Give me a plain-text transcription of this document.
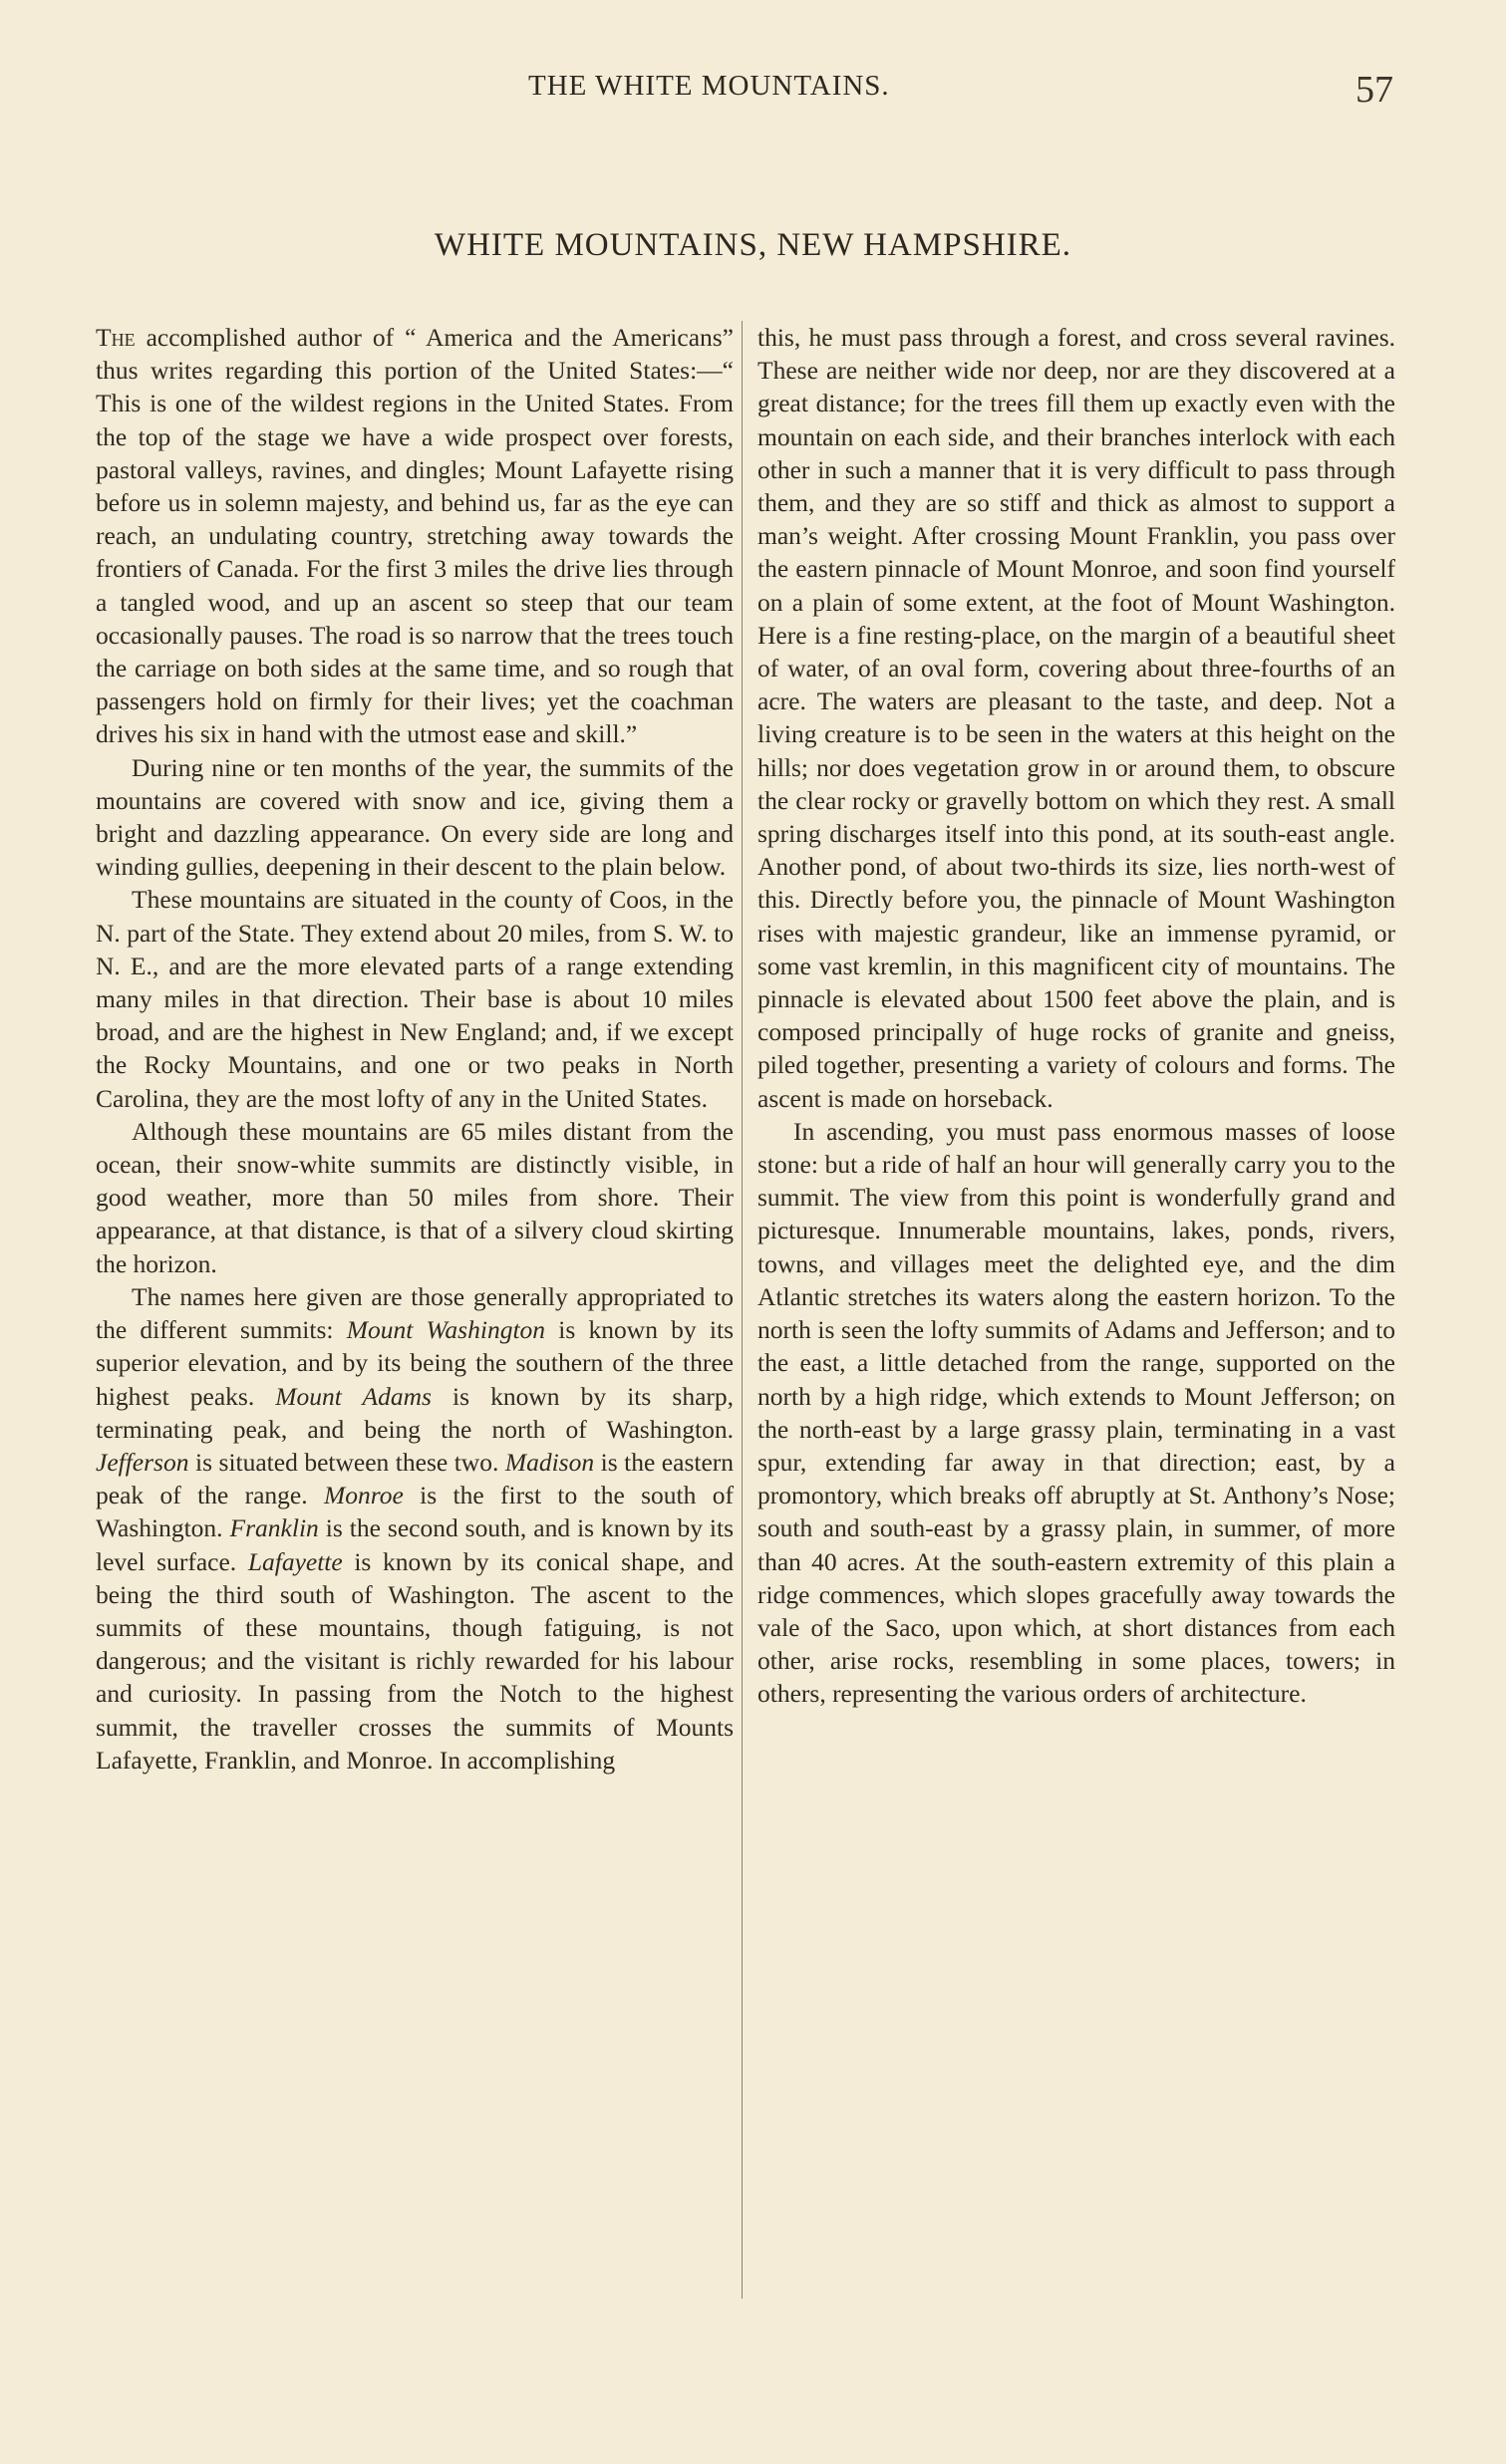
THE WHITE MOUNTAINS.	57
WHITE MOUNTAINS, NEW HAMPSHIRE.

The accomplished author of “ America and the Americans” thus writes regarding this portion of the United States:—“ This is one of the wildest regions in the United States. From the top of the stage we have a wide prospect over forests, pastoral valleys, ravines, and dingles; Mount Lafayette rising before us in solemn majesty, and behind us, far as the eye can reach, an undulating country, stretching away towards the frontiers of Canada. For the first 3 miles the drive lies through a tangled wood, and up an ascent so steep that our team occasionally pauses. The road is so narrow that the trees touch the carriage on both sides at the same time, and so rough that passengers hold on firmly for their lives; yet the coachman drives his six in hand with the utmost ease and skill.”

During nine or ten months of the year, the summits of the mountains are covered with snow and ice, giving them a bright and dazzling appearance. On every side are long and winding gullies, deepening in their descent to the plain below.

These mountains are situated in the county of Coos, in the N. part of the State. They extend about 20 miles, from S. W. to N. E., and are the more elevated parts of a range extending many miles in that direction. Their base is about 10 miles broad, and are the highest in New England; and, if we except the Rocky Mountains, and one or two peaks in North Carolina, they are the most lofty of any in the United States.

Although these mountains are 65 miles distant from the ocean, their snow-white summits are distinctly visible, in good weather, more than 50 miles from shore. Their appearance, at that distance, is that of a silvery cloud skirting the horizon.

The names here given are those generally appropriated to the different summits: Mount Washington is known by its superior elevation, and by its being the southern of the three highest peaks. Mount Adams is known by its sharp, terminating peak, and being the north of Washington. Jefferson is situated between these two. Madison is the eastern peak of the range. Monroe is the first to the south of Washington. Franklin is the second south, and is known by its level surface. Lafayette is known by its conical shape, and being the third south of Washington. The ascent to the summits of these mountains, though fatiguing, is not dangerous; and the visitant is richly rewarded for his labour and curiosity. In passing from the Notch to the highest summit, the traveller crosses the summits of Mounts Lafayette, Franklin, and Monroe. In accomplishing

this, he must pass through a forest, and cross several ravines. These are neither wide nor deep, nor are they discovered at a great distance; for the trees fill them up exactly even with the mountain on each side, and their branches interlock with each other in such a manner that it is very difficult to pass through them, and they are so stiff and thick as almost to support a man’s weight. After crossing Mount Franklin, you pass over the eastern pinnacle of Mount Monroe, and soon find yourself on a plain of some extent, at the foot of Mount Washington. Here is a fine resting-place, on the margin of a beautiful sheet of water, of an oval form, covering about three-fourths of an acre. The waters are pleasant to the taste, and deep. Not a living creature is to be seen in the waters at this height on the hills; nor does vegetation grow in or around them, to obscure the clear rocky or gravelly bottom on which they rest. A small spring discharges itself into this pond, at its south-east angle. Another pond, of about two-thirds its size, lies north-west of this. Directly before you, the pinnacle of Mount Washington rises with majestic grandeur, like an immense pyramid, or some vast kremlin, in this magnificent city of mountains. The pinnacle is elevated about 1500 feet above the plain, and is composed principally of huge rocks of granite and gneiss, piled together, presenting a variety of colours and forms. The ascent is made on horseback.

In ascending, you must pass enormous masses of loose stone: but a ride of half an hour will generally carry you to the summit. The view from this point is wonderfully grand and picturesque. Innumerable mountains, lakes, ponds, rivers, towns, and villages meet the delighted eye, and the dim Atlantic stretches its waters along the eastern horizon. To the north is seen the lofty summits of Adams and Jefferson; and to the east, a little detached from the range, supported on the north by a high ridge, which extends to Mount Jefferson; on the north-east by a large grassy plain, terminating in a vast spur, extending far away in that direction; east, by a promontory, which breaks off abruptly at St. Anthony’s Nose; south and south-east by a grassy plain, in summer, of more than 40 acres. At the south-eastern extremity of this plain a ridge commences, which slopes gracefully away towards the vale of the Saco, upon which, at short distances from each other, arise rocks, resembling in some places, towers; in others, representing the various orders of architecture.
